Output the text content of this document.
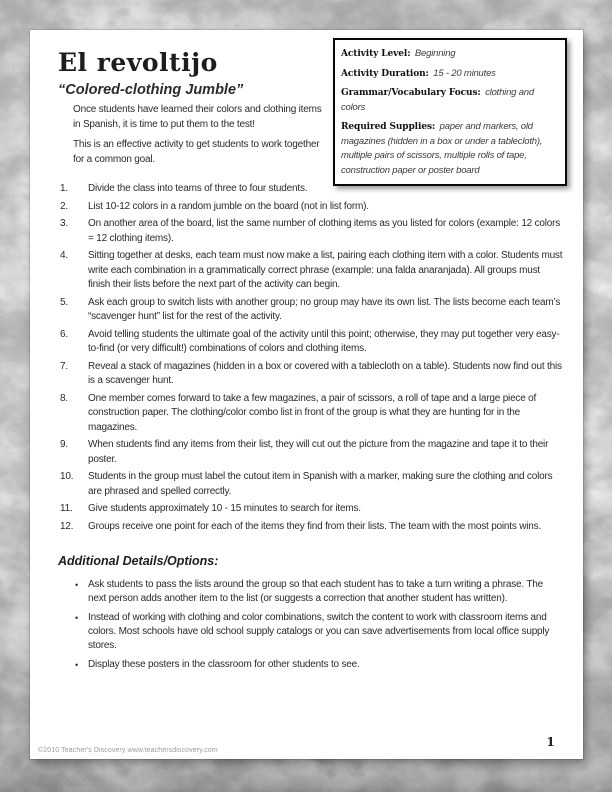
El revoltijo

“Colored-clothing Jumble”

Once students have learned their colors and clothing items in Spanish, it is time to put them to the test!

This is an effective activity to get students to work together for a common goal.

Activity Level: Beginning

Activity Duration: 15 - 20 minutes

Grammar/Vocabulary Focus: clothing and colors

Required Supplies: paper and markers, old magazines (hidden in a box or under a tablecloth), multiple pairs of scissors, multiple rolls of tape, construction paper or poster board

1.	Divide the class into teams of three to four students.
2.	List 10-12 colors in a random jumble on the board (not in list form).
3.	On another area of the board, list the same number of clothing items as you listed for colors (example: 12 colors = 12 clothing items).
4.	Sitting together at desks, each team must now make a list, pairing each clothing item with a color. Students must write each combination in a grammatically correct phrase (example: una falda anaranjada). All groups must finish their lists before the next part of the activity can begin.
5.	Ask each group to switch lists with another group; no group may have its own list. The lists become each team’s “scavenger hunt” list for the rest of the activity.
6.	Avoid telling students the ultimate goal of the activity until this point; otherwise, they may put together very easy-to-find (or very difficult!) combinations of colors and clothing items.
7.	Reveal a stack of magazines (hidden in a box or covered with a tablecloth on a table). Students now find out this is a scavenger hunt.
8.	One member comes forward to take a few magazines, a pair of scissors, a roll of tape and a large piece of construction paper. The clothing/color combo list in front of the group is what they are hunting for in the magazines.
9.	When students find any items from their list, they will cut out the picture from the magazine and tape it to their poster.
10.	Students in the group must label the cutout item in Spanish with a marker, making sure the clothing and colors are phrased and spelled correctly.
11.	Give students approximately 10 - 15 minutes to search for items.
12.	Groups receive one point for each of the items they find from their lists. The team with the most points wins.
Additional Details/Options:
• Ask students to pass the lists around the group so that each student has to take a turn writing a phrase. The next person adds another item to the list (or suggests a correction that another student has written).
• Instead of working with clothing and color combinations, switch the content to work with classroom items and colors. Most schools have old school supply catalogs or you can save advertisements from local office supply stores.
• Display these posters in the classroom for other students to see.
©2010 Teacher's Discovery www.teachersdiscovery.com
1
